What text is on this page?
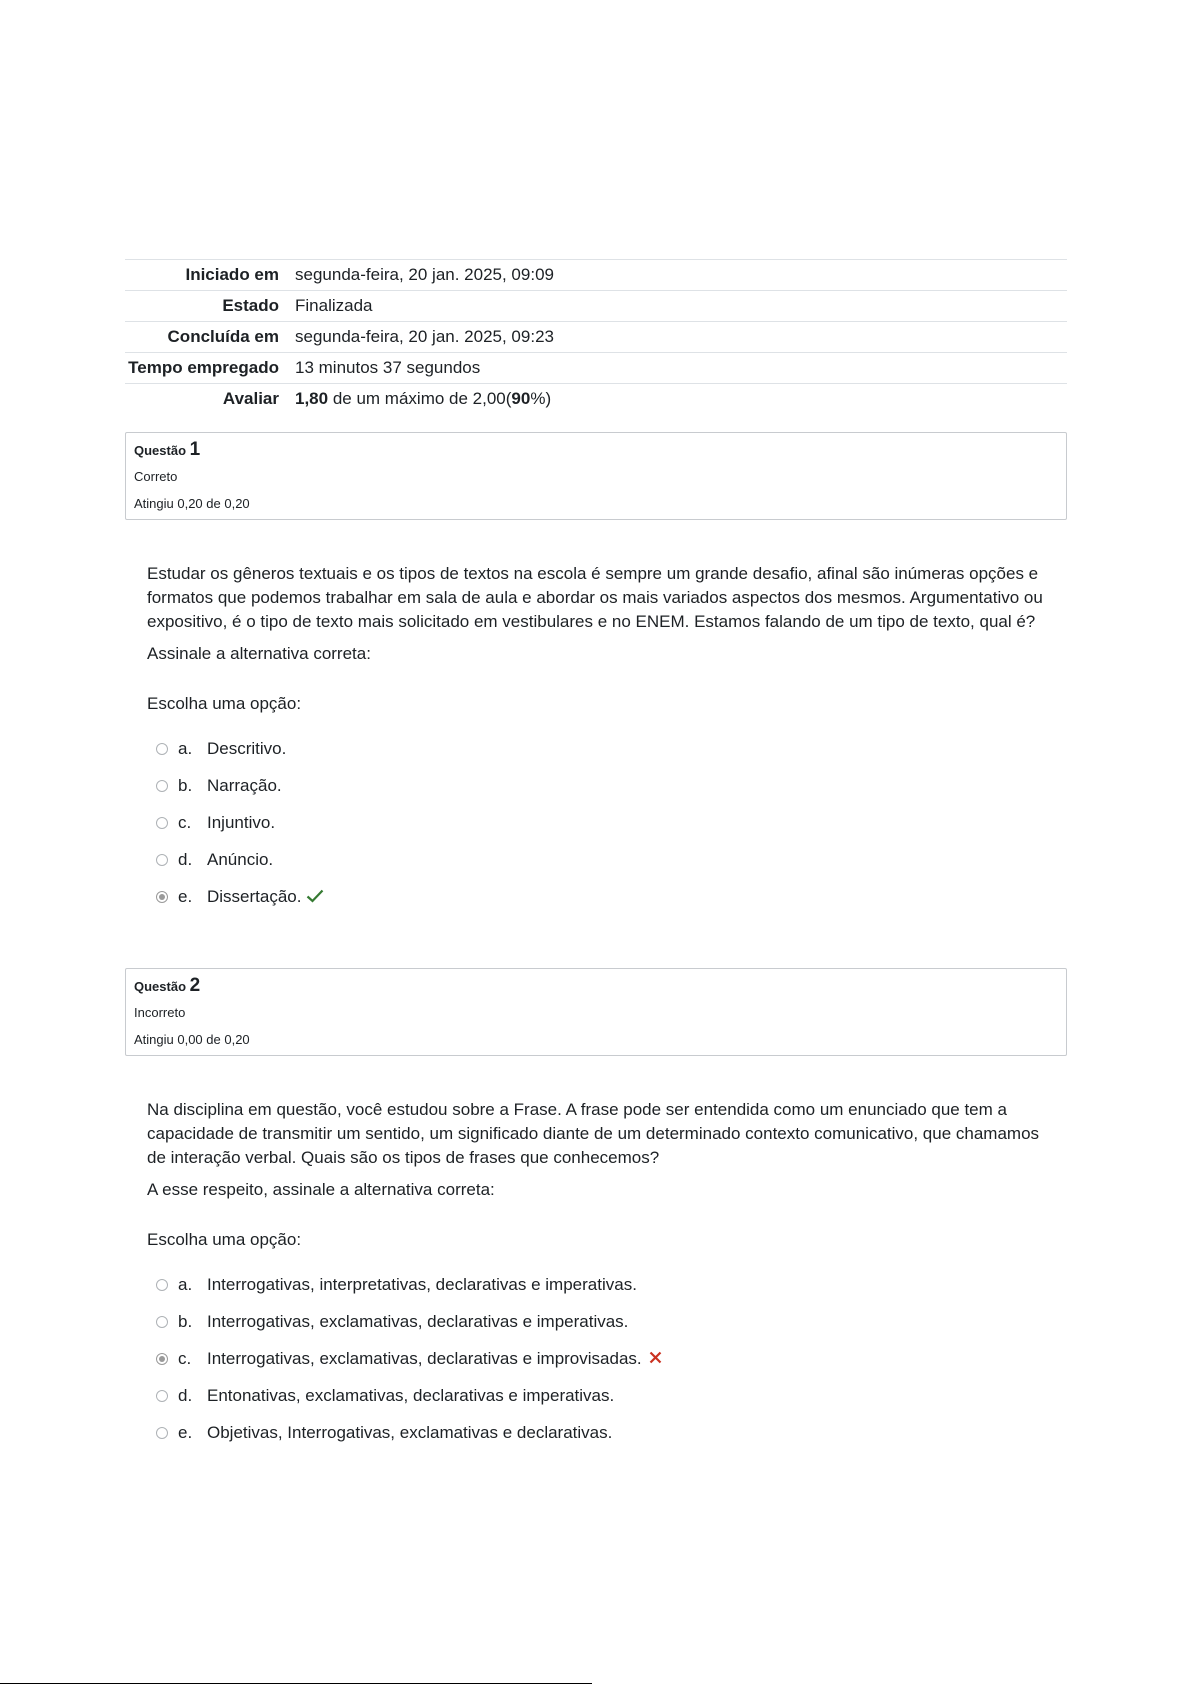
Iniciado em	segunda-feira, 20 jan. 2025, 09:09
Estado	Finalizada
Concluída em	segunda-feira, 20 jan. 2025, 09:23
Tempo empregado	13 minutos 37 segundos
Avaliar	1,80 de um máximo de 2,00(90%)
Questão 1
Correto
Atingiu 0,20 de 0,20

Estudar os gêneros textuais e os tipos de textos na escola é sempre um grande desafio, afinal são inúmeras opções e formatos que podemos trabalhar em sala de aula e abordar os mais variados aspectos dos mesmos. Argumentativo ou expositivo, é o tipo de texto mais solicitado em vestibulares e no ENEM. Estamos falando de um tipo de texto, qual é?

Assinale a alternativa correta:

Escolha uma opção:
a. Descritivo.
b. Narração.
c. Injuntivo.
d. Anúncio.
e. Dissertação.
Questão 2
Incorreto
Atingiu 0,00 de 0,20

Na disciplina em questão, você estudou sobre a Frase. A frase pode ser entendida como um enunciado que tem a capacidade de transmitir um sentido, um significado diante de um determinado contexto comunicativo, que chamamos de interação verbal. Quais são os tipos de frases que conhecemos?

A esse respeito, assinale a alternativa correta:

Escolha uma opção:
a. Interrogativas, interpretativas, declarativas e imperativas.
b. Interrogativas, exclamativas, declarativas e imperativas.
c. Interrogativas, exclamativas, declarativas e improvisadas.
d. Entonativas, exclamativas, declarativas e imperativas.
e. Objetivas, Interrogativas, exclamativas e declarativas.
